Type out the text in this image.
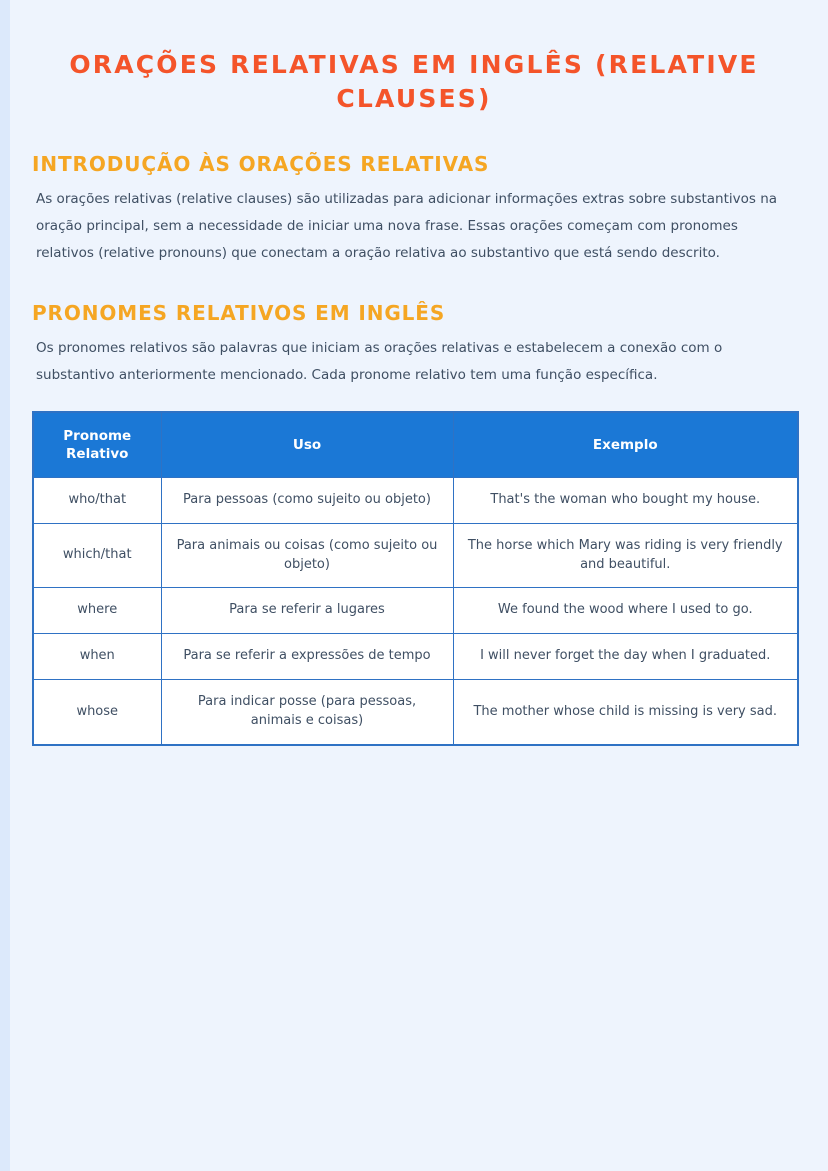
ORAÇÕES RELATIVAS EM INGLÊS (RELATIVE CLAUSES)
INTRODUÇÃO ÀS ORAÇÕES RELATIVAS

As orações relativas (relative clauses) são utilizadas para adicionar informações extras sobre substantivos na oração principal, sem a necessidade de iniciar uma nova frase. Essas orações começam com pronomes relativos (relative pronouns) que conectam a oração relativa ao substantivo que está sendo descrito.

PRONOMES RELATIVOS EM INGLÊS

Os pronomes relativos são palavras que iniciam as orações relativas e estabelecem a conexão com o substantivo anteriormente mencionado. Cada pronome relativo tem uma função específica.

Pronome Relativo	Uso	Exemplo
who/that	Para pessoas (como sujeito ou objeto)	That's the woman who bought my house.
which/that	Para animais ou coisas (como sujeito ou objeto)	The horse which Mary was riding is very friendly and beautiful.
where	Para se referir a lugares	We found the wood where I used to go.
when	Para se referir a expressões de tempo	I will never forget the day when I graduated.
whose	Para indicar posse (para pessoas, animais e coisas)	The mother whose child is missing is very sad.
